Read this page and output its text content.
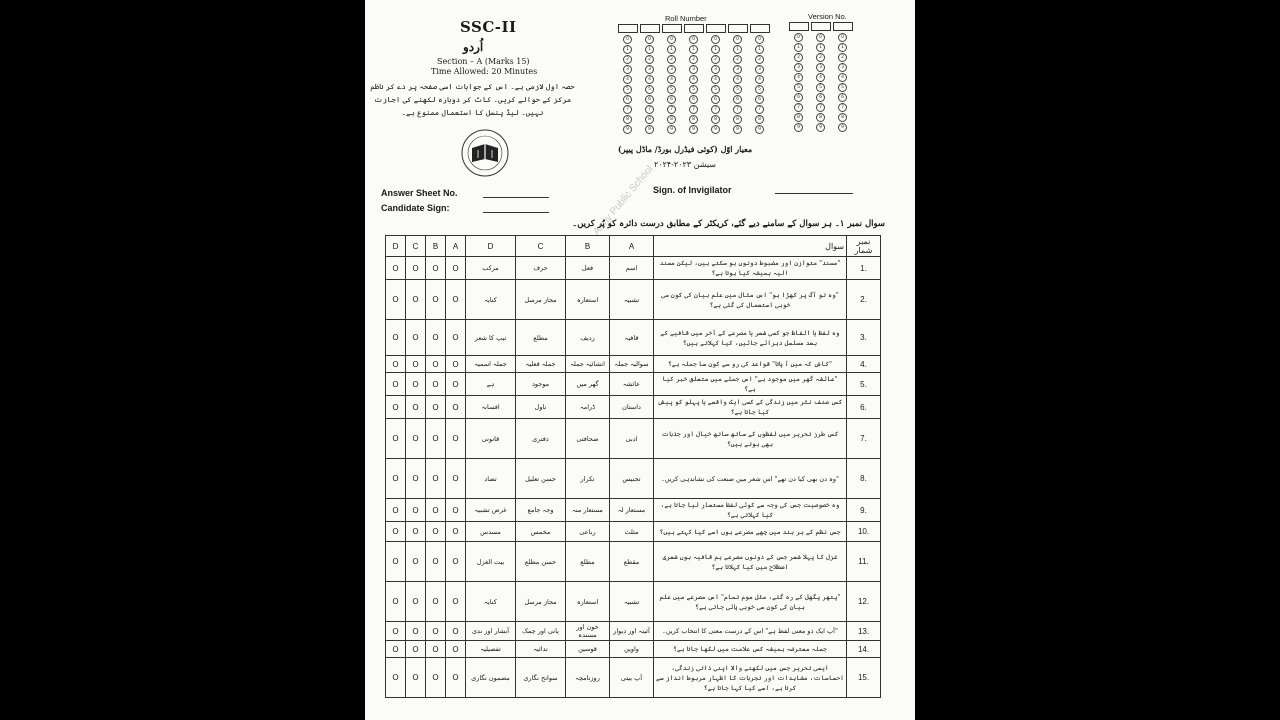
SSC-II
اُردو
Section – A (Marks 15)
Time Allowed: 20 Minutes
حصہ اول لازمی ہے۔ اس کے جوابات اسی صفحہ پر دے کر ناظم مرکز کے حوالے کریں۔ کاٹ کر دوبارہ لکھنے کی اجازت نہیں۔ لیڈ پنسل کا استعمال ممنوع ہے۔
Roll Number
0
1
2
3
4
5
6
7
8
9
0
1
2
3
4
5
6
7
8
9
0
1
2
3
4
5
6
7
8
9
0
1
2
3
4
5
6
7
8
9
0
1
2
3
4
5
6
7
8
9
0
1
2
3
4
5
6
7
8
9
0
1
2
3
4
5
6
7
8
9
Version No.
0
1
2
3
4
5
6
7
8
9
0
1
2
3
4
5
6
7
8
9
0
1
2
3
4
5
6
7
8
9
معیار اوّل (کوئی فیڈرل بورڈ/ ماڈل پیپر)
سیشن ۲۰۲۳-۲۰۲۴
Answer Sheet No.
Candidate Sign:
Sign. of Invigilator
Army Public School
سوال نمبر ۱۔ ہر سوال کے سامنے دیے گئے، کریکٹر کے مطابق درست دائرہ کو پُر کریں۔
D	C	B	A	D	C	B	A	سوال	نمبر شمار
O	O	O	O	مرکب	حرف	فعل	اسم	"مسند" متوازن اور مضبوط دونوں ہو سکتے ہیں، لیکن مسند الیہ ہمیشہ کیا ہوتا ہے؟	1.
O	O	O	O	کنایہ	مجاز مرسل	استعارہ	تشبیہ	"وہ تو آگ پر کھڑا ہو" اس مثال میں علم بیان کی کون سی خوبی استعمال کی گئی ہے؟	2.
O	O	O	O	تیپ کا شعر	مطلع	ردیف	قافیہ	وہ لفظ یا الفاظ جو کسی شعر یا مصرعے کے آخر میں قافیے کے بعد مسلسل دہرائے جائیں، کیا کہلاتے ہیں؟	3.
O	O	O	O	جملہ اسمیہ	جملہ فعلیہ	انشائیہ جملہ	سوالیہ جملہ	"کاش کہ میں آ پاتا" قواعد کی رو سے کون سا جملہ ہے؟	4.
O	O	O	O	ہے	موجود	گھر میں	عائشہ	"عائشہ گھر میں موجود ہے" اس جملے میں متعلق خبر کیا ہے؟	5.
O	O	O	O	افسانہ	ناول	ڈرامہ	داستان	کس صنف نثر میں زندگی کے کسی ایک واقعے یا پہلو کو پیش کیا جاتا ہے؟	6.
O	O	O	O	قانونی	دفتری	صحافتی	ادبی	کس طرز تحریر میں لفظوں کے ساتھ ساتھ خیال اور جذبات بھی ہوتے ہیں؟	7.
O	O	O	O	تضاد	حسن تعلیل	تکرار	تجنیس	"وہ دن بھی کیا دن تھے" اس شعر میں صنعت کی نشاندہی کریں۔	8.
O	O	O	O	غرض تشبیہ	وجہ جامع	مستعار منہ	مستعار لہ	وہ خصوصیت جس کی وجہ سے کوئی لفظ مستعار لیا جاتا ہے، کیا کہلاتی ہے؟	9.
O	O	O	O	مسدس	مخمس	رباعی	مثلث	جس نظم کے ہر بند میں چھے مصرعے ہوں اسے کیا کہتے ہیں؟	10.
O	O	O	O	بیت الغزل	حسن مطلع	مطلع	مقطع	غزل کا پہلا شعر جس کے دونوں مصرعے ہم قافیہ ہوں شعری اصطلاح میں کیا کہلاتا ہے؟	11.
O	O	O	O	کنایہ	مجاز مرسل	استعارہ	تشبیہ	"پتھر پگھل کے رہ گئے، مثل موم تمام" اس مصرعے میں علم بیان کی کون سی خوبی پائی جاتی ہے؟	12.
O	O	O	O	آبشار اور ندی	پانی اور چمک	خون اور مسندہ	آئینہ اور دیوار	"آپ ایک ذو معنی لفظ ہے" اس کے درست معنی کا انتخاب کریں۔	13.
O	O	O	O	تفصیلیہ	ندائیہ	قوسین	واوین	جملہ معترضہ ہمیشہ کس علامت میں لکھا جاتا ہے؟	14.
O	O	O	O	مضمون نگاری	سوانح نگاری	روزنامچہ	آپ بیتی	ایسی تحریر جس میں لکھنے والا اپنی ذاتی زندگی، احساسات، مشاہدات اور تجربات کا اظہار مربوط انداز سے کرتا ہے، اسے کیا کہا جاتا ہے؟	15.
